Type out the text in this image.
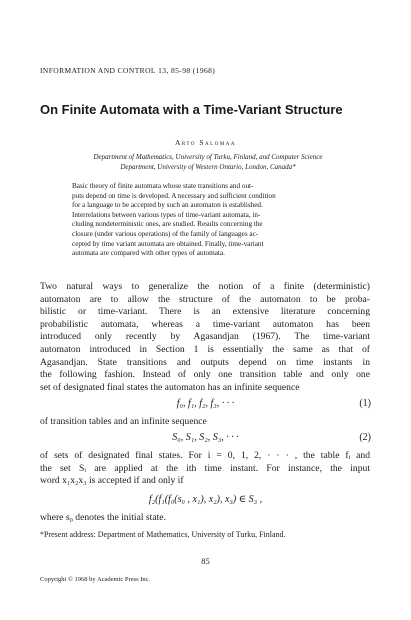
INFORMATION AND CONTROL 13, 85-98 (1968)
On Finite Automata with a Time-Variant Structure
Arto Salomaa
Department of Mathematics, University of Turku, Finland, and Computer Science
Department, University of Western Ontario, London, Canada*
Basic theory of finite automata whose state transitions and out-
puts depend on time is developed. A necessary and sufficient condition
for a language to be accepted by such an automaton is established.
Interrelations between various types of time-variant automata, in-
cluding nondeterministic ones, are studied. Results concerning the
closure (under various operations) of the family of languages ac-
cepted by time variant automata are obtained. Finally, time-variant
automata are compared with other types of automata.
Two natural ways to generalize the notion of a finite (deterministic)
automaton are to allow the structure of the automaton to be proba-
bilistic or time-variant. There is an extensive literature concerning
probabilistic automata, whereas a time-variant automaton has been
introduced only recently by Agasandjan (1967). The time-variant
automaton introduced in Section 1 is essentially the same as that of
Agasandjan. State transitions and outputs depend on time instants in
the following fashion. Instead of only one transition table and only one
set of designated final states the automaton has an infinite sequence
f₀, f₁, f₂, f₃, · · ·	(1)
of transition tables and an infinite sequence
S₀, S₁, S₂, S₃, · · ·	(2)
of sets of designated final states. For i = 0, 1, 2, · · · , the table fᵢ and
the set Sᵢ are applied at the ith time instant. For instance, the input
word x₁x₂x₃ is accepted if and only if
f₂(f₁(f₀(s₀ , x₁), x₂), x₃) ∈ S₃ ,
where s₀ denotes the initial state.
*Present address: Department of Mathematics, University of Turku, Finland.
85
Copyright © 1968 by Academic Press Inc.
